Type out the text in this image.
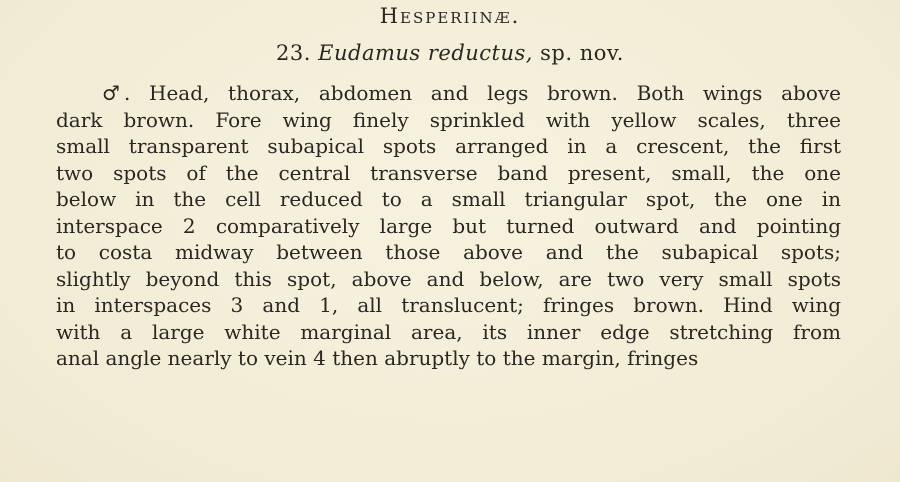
Hesperiinæ.
23. Eudamus reductus, sp. nov.
♂ . Head, thorax, abdomen and legs brown. Both wings above
dark brown. Fore wing finely sprinkled with yellow scales, three
small transparent subapical spots arranged in a crescent, the first
two spots of the central transverse band present, small, the one
below in the cell reduced to a small triangular spot, the one in
interspace 2 comparatively large but turned outward and pointing
to costa midway between those above and the subapical spots;
slightly beyond this spot, above and below, are two very small spots
in interspaces 3 and 1, all translucent; fringes brown. Hind wing
with a large white marginal area, its inner edge stretching from
anal angle nearly to vein 4 then abruptly to the margin, fringes
